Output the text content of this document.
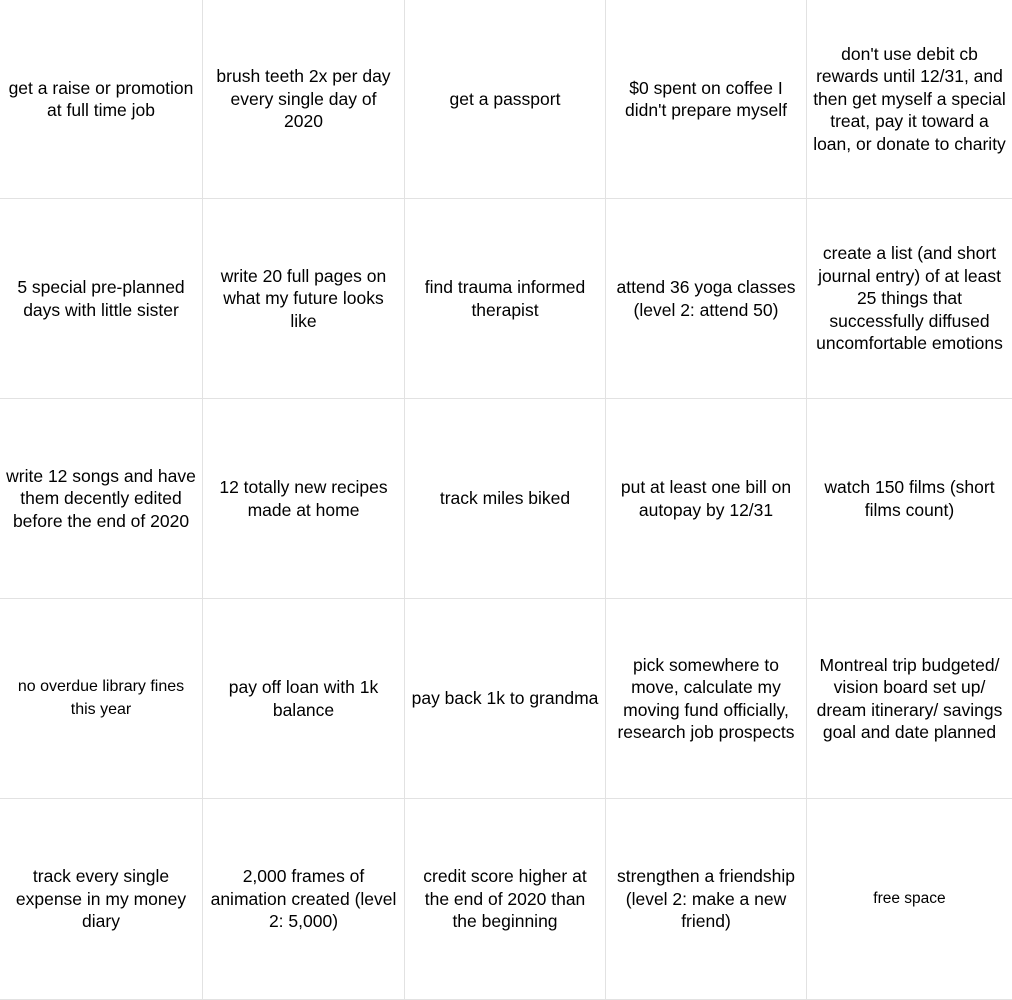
get a raise or promotion at full time job
brush teeth 2x per day every single day of 2020
get a passport
$0 spent on coffee I didn't prepare myself
don't use debit cb rewards until 12/31, and then get myself a special treat, pay it toward a loan, or donate to charity
5 special pre-planned days with little sister
write 20 full pages on what my future looks like
find trauma informed therapist
attend 36 yoga classes (level 2: attend 50)
create a list (and short journal entry) of at least 25 things that successfully diffused uncomfortable emotions
write 12 songs and have them decently edited before the end of 2020
12 totally new recipes made at home
track miles biked
put at least one bill on autopay by 12/31
watch 150 films (short films count)
no overdue library fines this year
pay off loan with 1k balance
pay back 1k to grandma
pick somewhere to move, calculate my moving fund officially, research job prospects
Montreal trip budgeted/ vision board set up/ dream itinerary/ savings goal and date planned
track every single expense in my money diary
2,000 frames of animation created (level 2: 5,000)
credit score higher at the end of 2020 than the beginning
strengthen a friendship (level 2: make a new friend)
free space
